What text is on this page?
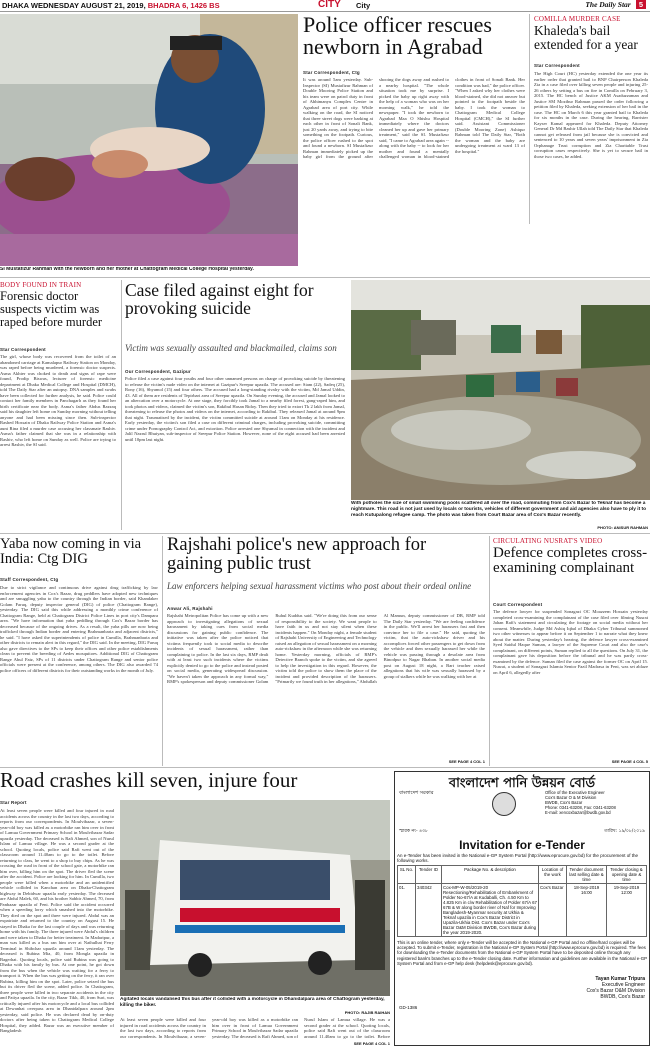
DHAKA WEDNESDAY AUGUST 21, 2019, BHADRA 6, 1426 BS	CITY City	The Daily Star 5
SI Mustafizur Rahman with the newborn and her mother at Chattogram Medical College Hospital yesterday.
Police officer rescues newborn in Agrabad
Star Correspondent, Ctg
It was around 5am yesterday. Sub-Inspector (SI) Mustafizur Rahman of Double Mooring Police Station and his team were on patrol duty in front of Abhimanyu Complex Centre in Agrabad area of port city. While walking on the road, the SI noticed that three street dogs were barking at each other in front of Sonali Bank, just 20 yards away, and trying to bite something on the footpath. Curious, the police officer rushed to the spot and found a newborn. SI Mustafizur Rahman immediately picked up the baby girl from the ground after shooing the dogs away and rushed to a nearby hospital. "The whole situation took me by surprise. I picked the baby up right away with the help of a woman who was on her morning walk," he told the newspaper. "I took the newborn to Agrabad Maa O Shishu Hospital immediately where the doctors cleaned her up and gave her primary treatment," said the SI. Mustafizur said, "I came to Agrabad area again -- along with the baby -- to look for her mother and found a mentally challenged woman in blood-stained clothes in front of Sonali Bank. Her condition was bad," the police officer. "When I asked why her clothes were blood-stained, she did not answer but pointed to the footpath beside the baby. I took the woman to Chattogram Medical College Hospital (CMCH)," the SI further said. Assistant Commissioner (Double Mooring Zone) Ashiqur Rahman told The Daily Star, "Both the woman and the baby are undergoing treatment at ward 13 of the hospital."
COMILLA MURDER CASE
Khaleda's bail extended for a year
Star Correspondent
The High Court (HC) yesterday extended the one year its earlier order that granted bail to BNP Chairperson Khaleda Zia in a case filed over killing seven people and injuring 25-26 others by setting a bus on fire in Comilla on February 3, 2015. The HC bench of Justice AKM Asaduzzaman and Justice SM Mozibur Rahman passed the order following a petition filed by Khaleda, seeking extension of her bail in the case. The HC on March 6 this year granted bail to Khaleda for six months in the case. During the hearing, Barrister Kayser Kamal appeared for Khaleda. Deputy Attorney General Dr Md Bashir Ullah told The Daily Star that Khaleda cannot get released from jail because she is convicted and sentenced to 10 years and seven years' imprisonment in Zia Orphanage Trust corruption and Zia Charitable Trust corruption cases respectively. She is yet to secure bail in those two cases, he added.
BODY FOUND IN TRAIN
Forensic doctor suspects victim was raped before murder
Star Correspondent
The girl, whose body was recovered from the toilet of an abandoned carriage at Kamalapur Railway Station on Monday, was raped before being murdered, a forensic doctor suspects. Asma Akhter was choked to death and signs of rape were found, Prodip Biswas, lecturer of forensic medicine department at Dhaka Medical College and Hospital (DMCH), told The Daily Star after an autopsy. DNA samples and swabs have been collected for further analysis, he said. Police could contact her family members in Panchagarh as they found her birth certificate near the body. Asma's father Abdus Razzaq said his daughter left home on Sunday morning without telling anyone and had been missing since then. Sub-inspector Rashed Hossain of Dhaka Railway Police Station and Asma's aunt Rina filed a murder case accusing her classmate Rashiv. Asma's father claimed that she was in a relationship with Rashiv, who left home on Sunday as well. Police are trying to arrest Rashiv, the SI said.
Case filed against eight for provoking suicide
Victim was sexually assaulted and blackmailed, claims son
Our Correspondent, Gazipur
Police filed a case against four youths and four other unnamed persons on charge of provoking suicide by threatening to release the victim's nude video on the internet at Gazipur's Sreepur upazila. The accused are: Siam (22), Sadeq (25), Rony (16), Shyamol (15) and four others. The accused had a long-standing rivalry with the victim, Md Jamal Uddin, 43. All of them are residents of Tepirbari area of Sreepur upazila. On Sunday evening, the accused and Jamal looked to an altercation over a motorcycle. At one stage, they forcibly took Jamal to a nearby filed forest, gang-raped him, and took photos and videos, claimed the victim's son, Rakibul Hasan Ridoy. Then they tried to extort Tk 2 lakh from Jamal, threatening to release the photos and videos on the internet, according to Rakibul. They released Jamal at around 9pm that night. Traumatised by the incident, the victim committed suicide at around 11am on Monday at his residence. Early yesterday, the victim's son filed a case on different criminal charges, including provoking suicide, committing crime under Pornography Control Act, and extortion. Police arrested one Shyamal in connection with the incident and Jalil Nazrul Bhuiyan, sub-inspector of Sreepur Police Station. However, none of the eight accused had been arrested until 10pm last night.
With potholes the size of small swimming pools scattered all over the road, commuting from Cox's Bazar to Teknaf has become a nightmare. This road is not just used by locals or tourists, vehicles of different government and aid agencies also have to ply it to reach Kutupalong refugee camp. The photo was taken from Court Bazar area of Cox's Bazar recently.
PHOTO: ANISUR RAHMAN
Yaba now coming in via India: Ctg DIG
Staff Correspondent, Ctg
Due to strict vigilance and continuous drive against drug trafficking by law enforcement agencies in Cox's Bazar, drug peddlers have adopted new techniques and are smuggling yaba to the country through the Indian border, said Khandaker Golam Faruq, deputy inspector general (DIG) of police (Chattogram Range), yesterday. The DIG said this while addressing a monthly crime conference of Chattogram Range, held at Chattogram District Police Lines in port city's Dampara area. "We have information that yaba peddling through Cox's Bazar border has decreased because of the ongoing drives. As a result, the yaba pills are now being trafficked through Indian border and entering Brahmanbaria and adjacent districts," he said. "I have asked the superintendents of police in Cumilla, Brahmanbaria and other districts to remain alert in this regard," the DIG said. In the meeting, DIG Faruq also gave directives to the SPs to keep their offices and other police establishments clean to prevent the breeding of Aedes mosquitoes. Additional DIG of Chattogram Range Abul Faiz, SPs of 11 districts under Chattogram Range and senior police officials were present at the conference, among others. The DIG also awarded 74 police officers of different districts for their outstanding works in the month of July.
Rajshahi police's new approach for gaining public trust
Law enforcers helping sexual harassment victims who post about their ordeal online
Anwar Ali, Rajshahi
Rajshahi Metropolitan Police has come up with a new approach to investigating allegations of sexual harassment by taking cues from social media discussions for gaining public confidence. The initiative was taken after the police noticed that victims frequently took to social media to describe incidents of sexual harassment, rather than complaining to police. In the last six days, RMP dealt with at least two such incidents where the victims explicitly denied to go to the police and instead posted on social media, generating widespread discussion. "We haven't taken the approach in any formal way," RMP's spokesperson and deputy commissioner Golam Ruhul Kuddus said. "We're doing this from our sense of responsibility to the society. We want people to have faith in us and not stay silent when these incidents happen." On Monday night, a female student of Rajshahi University of Engineering and Technology raised an allegation of sexual harassment on a morning auto-rickshaw in the afternoon while she was returning home. Yesterday morning, officials of RMP's Detective Branch spoke to the victim, and she agreed to help the investigation in this regard. However, the victim told the police to show them the place of the incident and provided description of the harassers. "Primarily we found truth in her allegations," Abdullah Al Mamun, deputy commissioner of DB, RMP told The Daily Star yesterday. "We are feeling confidence in the public. We'll arrest her harassers fast and then convince her to file a case." He said, quoting the victim, that the auto-rickshaw driver and his accomplices forced other passengers to get down from the vehicle and then sexually harassed her while the vehicle was passing through a desolate area from Binodpur to Nagar Bhaban. In another social media post on August 18 night, a Bart teacher raised allegations that his wife was sexually harassed by a group of stalkers while he was walking with her at
SEE PAGE 4 COL 1
CIRCULATING NUSRAT'S VIDEO
Defence completes cross-examining complainant
Court Correspondent
The defence lawyer for suspended Sonagazi OC Moazzem Hossain yesterday completed cross-examining the complainant of the case filed over filming Nusrat Jahan Rafi's statement and circulating the footage on social media without her consent. Meanwhile, Judge Md Ashiq Iqbal of Dhaka Cyber Tribunal summoned two other witnesses to appear before it on September 1 to narrate what they knew about the matter. During yesterday's hearing, the defence lawyer cross-examined Syed Saidul Haque Suman, a lawyer of the Supreme Court and also the case's complainant, on different points, Suman replied to all the questions. On July 31, the complainant gave his deposition before the tribunal and he was partly cross-examined by the defence. Suman filed the case against the former OC on April 15. Nusrat, a student of Sonagazi Islamia Senior Fazil Madrasa in Feni, was set ablaze on April 6, allegedly after
SEE PAGE 4 COL 5
Road crashes kill seven, injure four
Star Report
At least seven people were killed and four injured in road accidents across the country in the last two days, according to reports from our correspondents. In Moulvibazar, a seven-year-old boy was killed as a motorbike ran him over in front of Lamua Government Primary School in Moulvibazar Sadar upazila yesterday. The deceased is Rafi Ahmed, son of Nurul Islam of Lamua village. He was a second grader at the school. Quoting locals, police said Rafi went out of the classroom around 11.40am to go to the toilet. Before returning to class, he went to a shop to buy chips. As he was crossing the road in front of the school gate, a motorbike ran him over, killing him on the spot. The driver fled the scene after the accident. Police are looking for him. In Cumilla, two people were killed when a motorbike and an unidentified vehicle collided in Kanchan area on Dhaka-Chattogram highway in Debidwar upazila early yesterday. The deceased are Abdul Malek, 60, and his brother Sabbir Ahmed, 70, from Panbazar upazila of Feni. Police said the accident occurred when a speeding lorry which smashed into the motorbike. They died on the spot and three were injured. Abdul was an expatriate and returned to the country on August 15. He stayed in Dhaka for the last couple of days and was returning home with his family. The three injured were Abdul's children and were taken to Dhaka for better treatment. In Madaripur, a man was killed as a bus ran him over at Nathulhat Ferry Terminal in Shibchar upazila around 11am yesterday. The deceased is Rubina Mia, 40, from Mongla upazila in Bagerhat. Quoting locals, police said Rubina was going to Dhaka with his family by bus. At one point, he got down from the bus when the vehicle was waiting for a ferry to transport it. When the bus was getting on the ferry, it ran over Rubina, killing him on the spot. Later, police seized the bus but its driver fled the scene, added police. In Chattogram, three people were killed in two separate accidents in the city and Patiya upazila. In the city, Bazar Tikh, 40, from Suri, was critically injured after his motorcycle and a local bus collided at Dewanhat overpass area in Dhanidalpara around 2pm yesterday, said police. He was declared dead by on-duty doctors after being taken to Chattogram Medical College Hospital, they added. Bazar was an executive member of Bangladesh
Agitated locals vandalised this bus after it collided with a motorcycle in Dhanidalpara area of Chattogram yesterday, killing the biker.
PHOTO: RAJIB RAIHAN
At least seven people were killed and four injured in road accidents across the country in the last two days, according to reports from our correspondents. In Moulvibazar, a seven-year-old boy was killed as a motorbike ran him over in front of Lamua Government Primary School in Moulvibazar Sadar upazila yesterday. The deceased is Rafi Ahmed, son of Nurul Islam of Lamua village. He was a second grader at the school. Quoting locals, police said Rafi went out of the classroom around 11.40am to go to the toilet. Before
SEE PAGE 4 COL 1
বাংলাদেশ পানি উন্নয়ন বোর্ড
বাংলাদেশ সরকার	Office of the Executive Engineer
Cox's Bazar O & M Division
BWDB, Cox's Bazar
Phone: 0341-63208, Fax: 0341-63208
E-mail: xencoxbazar@bwdb.gov.bd
স্মারক নং- ৪৩৮	তারিখ: ১৯/০৮/২০১৯
Invitation for e-Tender
An e-Tender has been invited in the National e-GP System Portal (http://www.eprocure.gov.bd) for the procurement of the following works.
SL No.	Tender ID	Package No. & description	Location of the work	Tender document last selling date & time	Tender closing & opening date & time
01.	340342	Cox-MP-W-05/2019-20 Resectioning/Rehabilitation of Embankment of Polder No-67/A at Kudaballi, Ch. 4.50 Km to 4.825 Km in c/w Rehabilitation of Polder 67/A 67 67B & W along border river of Naf for Improving Bangladesh-Myanmar security at Ukhia & Teknaf upazila in Cox's Bazar District in Upazila-Ukhia Dist. Cox's Bazar under Cox's Bazar O&M Division BWDB, Cox's Bazar during the year 2019-2020.	Cox's Bazar	18-Sep-2019 16:00	19-Sep-2019 12:00
This is an online tender, where only e-Tender will be accepted in the National e-GP Portal and no offline/hard copies will be accepted. To submit e-Tender, registration in the National e-GP System Portal (http://www.eprocure.gov.bd) is required. The fees for downloading the e-Tender documents from the National e-GP System Portal have to be deposited online through any registered bank's branches up to the e-Tender closing date. Further information and guidelines are available in the National e-GP System Portal and from e-GP help desk (helpdesk@eprocure.gov.bd).
GD-1386
Tayan Kumar Tripura
Executive Engineer
Cox's Bazar O&M Division
BWDB, Cox's Bazar
